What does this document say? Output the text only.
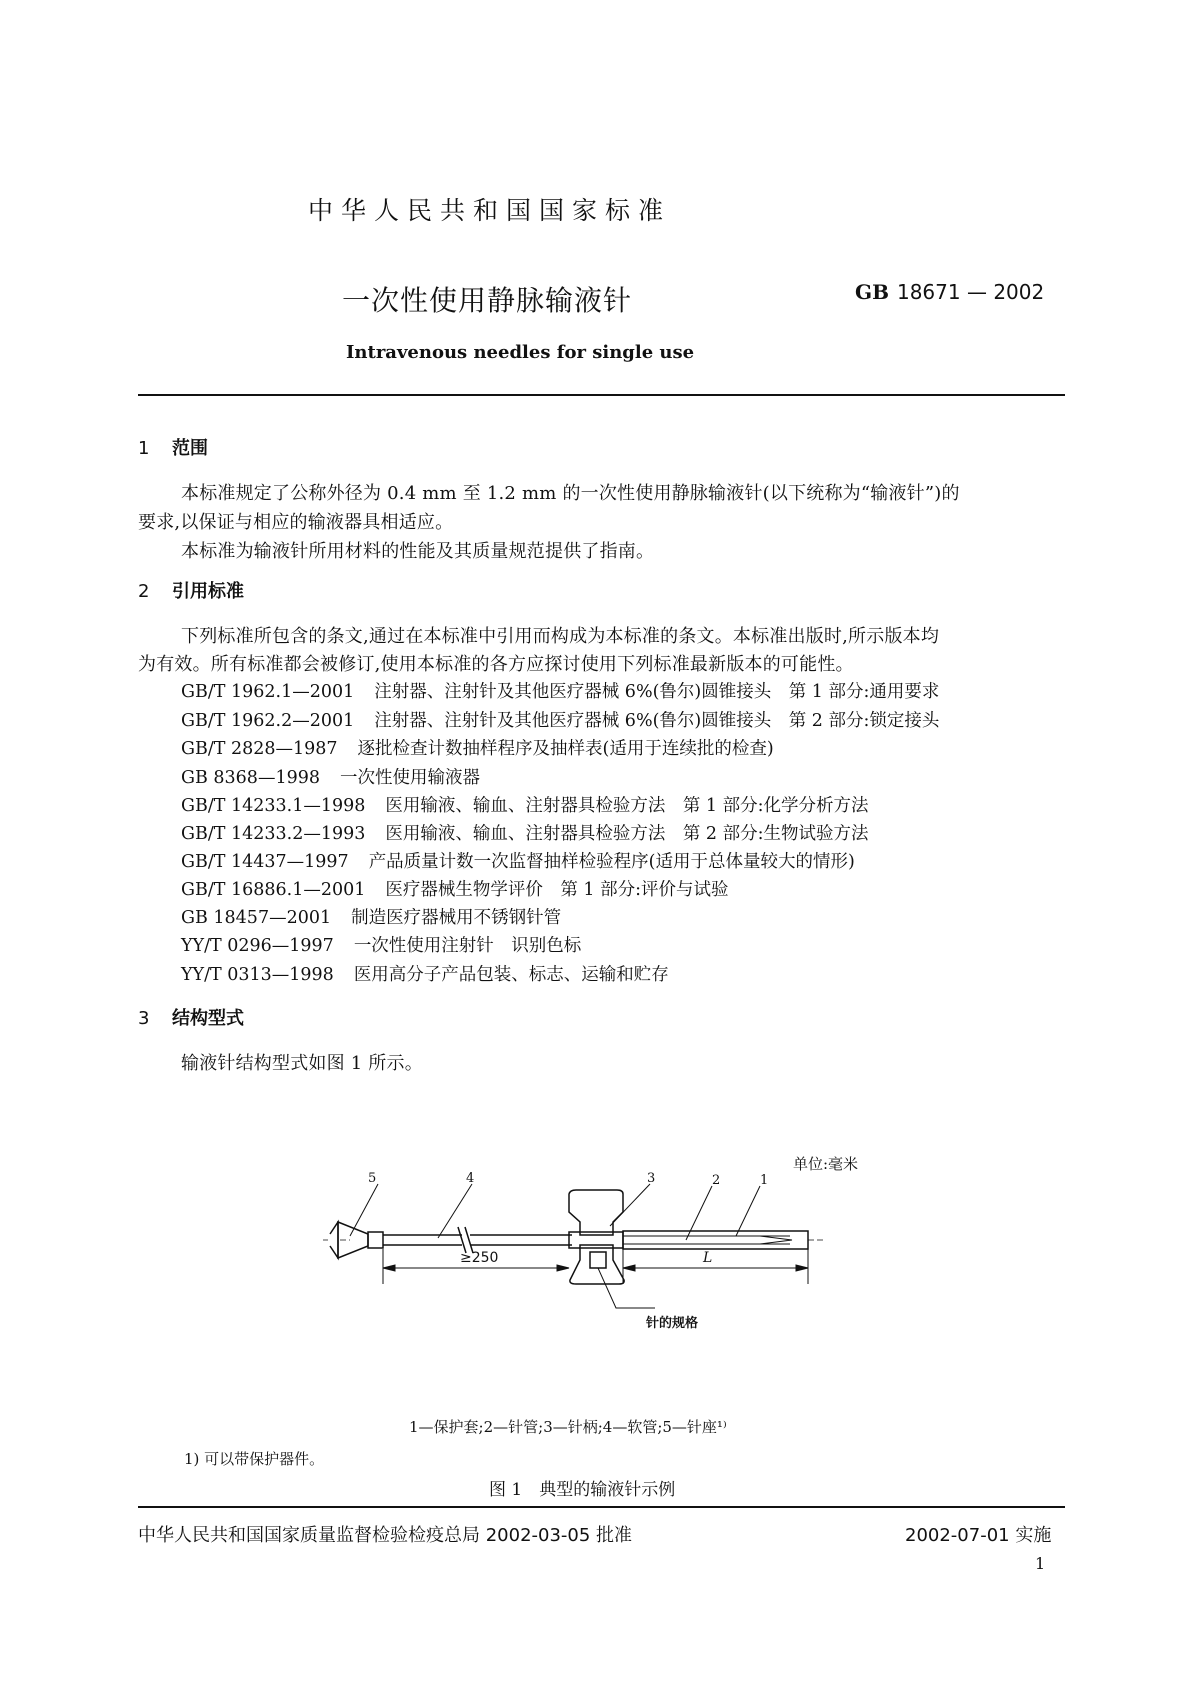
中华人民共和国国家标准
一次性使用静脉输液针	GB 18671 — 2002
Intravenous needles for single use
1 范围
本标准规定了公称外径为 0.4 mm 至 1.2 mm 的一次性使用静脉输液针(以下统称为“输液针”)的
要求,以保证与相应的输液器具相适应。
本标准为输液针所用材料的性能及其质量规范提供了指南。
2 引用标准
下列标准所包含的条文,通过在本标准中引用而构成为本标准的条文。本标准出版时,所示版本均
为有效。所有标准都会被修订,使用本标准的各方应探讨使用下列标准最新版本的可能性。
GB/T 1962.1—2001 注射器、注射针及其他医疗器械 6%(鲁尔)圆锥接头　第 1 部分:通用要求
GB/T 1962.2—2001 注射器、注射针及其他医疗器械 6%(鲁尔)圆锥接头　第 2 部分:锁定接头
GB/T 2828—1987 逐批检查计数抽样程序及抽样表(适用于连续批的检查)
GB 8368—1998 一次性使用输液器
GB/T 14233.1—1998 医用输液、输血、注射器具检验方法　第 1 部分:化学分析方法
GB/T 14233.2—1993 医用输液、输血、注射器具检验方法　第 2 部分:生物试验方法
GB/T 14437—1997 产品质量计数一次监督抽样检验程序(适用于总体量较大的情形)
GB/T 16886.1—2001 医疗器械生物学评价　第 1 部分:评价与试验
GB 18457—2001 制造医疗器械用不锈钢针管
YY/T 0296—1997 一次性使用注射针　识别色标
YY/T 0313—1998 医用高分子产品包装、标志、运输和贮存
3 结构型式
输液针结构型式如图 1 所示。
单位:毫米
5	4	3	2	1
≥250	L
针的规格
1—保护套;2—针管;3—针柄;4—软管;5—针座¹⁾
1) 可以带保护器件。
图 1　典型的输液针示例
中华人民共和国国家质量监督检验检疫总局 2002-03-05 批准	2002-07-01 实施
1
